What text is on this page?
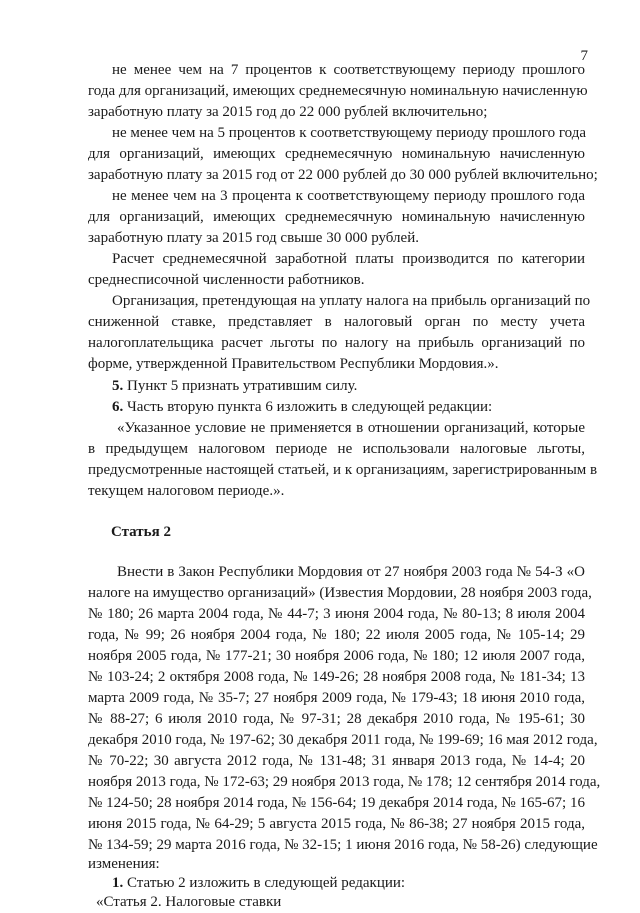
7
не менее чем на 7 процентов к соответствующему периоду прошлого
года для организаций, имеющих среднемесячную номинальную начисленную
заработную плату за 2015 год до 22 000 рублей включительно;
не менее чем на 5 процентов к соответствующему периоду прошлого года
для организаций, имеющих среднемесячную номинальную начисленную
заработную плату за 2015 год от 22 000 рублей до 30 000 рублей включительно;
не менее чем на 3 процента к соответствующему периоду прошлого года
для организаций, имеющих среднемесячную номинальную начисленную
заработную плату за 2015 год свыше 30 000 рублей.
Расчет среднемесячной заработной платы производится по категории
среднесписочной численности работников.
Организация, претендующая на уплату налога на прибыль организаций по
сниженной ставке, представляет в налоговый орган по месту учета
налогоплательщика расчет льготы по налогу на прибыль организаций по
форме, утвержденной Правительством Республики Мордовия.».
5. Пункт 5 признать утратившим силу.
6. Часть вторую пункта 6 изложить в следующей редакции:
«Указанное условие не применяется в отношении организаций, которые
в предыдущем налоговом периоде не использовали налоговые льготы,
предусмотренные настоящей статьей, и к организациям, зарегистрированным в
текущем налоговом периоде.».
Статья 2
Внести в Закон Республики Мордовия от 27 ноября 2003 года № 54-З «О
налоге на имущество организаций» (Известия Мордовии, 28 ноября 2003 года,
№ 180; 26 марта 2004 года, № 44-7; 3 июня 2004 года, № 80-13; 8 июля 2004
года, № 99; 26 ноября 2004 года, № 180; 22 июля 2005 года, № 105-14; 29
ноября 2005 года, № 177-21; 30 ноября 2006 года, № 180; 12 июля 2007 года,
№ 103-24; 2 октября 2008 года, № 149-26; 28 ноября 2008 года, № 181-34; 13
марта 2009 года, № 35-7; 27 ноября 2009 года, № 179-43; 18 июня 2010 года,
№ 88-27; 6 июля 2010 года, № 97-31; 28 декабря 2010 года, № 195-61; 30
декабря 2010 года, № 197-62; 30 декабря 2011 года, № 199-69; 16 мая 2012 года,
№ 70-22; 30 августа 2012 года, № 131-48; 31 января 2013 года, № 14-4; 20
ноября 2013 года, № 172-63; 29 ноября 2013 года, № 178; 12 сентября 2014 года,
№ 124-50; 28 ноября 2014 года, № 156-64; 19 декабря 2014 года, № 165-67; 16
июня 2015 года, № 64-29; 5 августа 2015 года, № 86-38; 27 ноября 2015 года,
№ 134-59; 29 марта 2016 года, № 32-15; 1 июня 2016 года, № 58-26) следующие
изменения:
1. Статью 2 изложить в следующей редакции:
«Статья 2. Налоговые ставки
